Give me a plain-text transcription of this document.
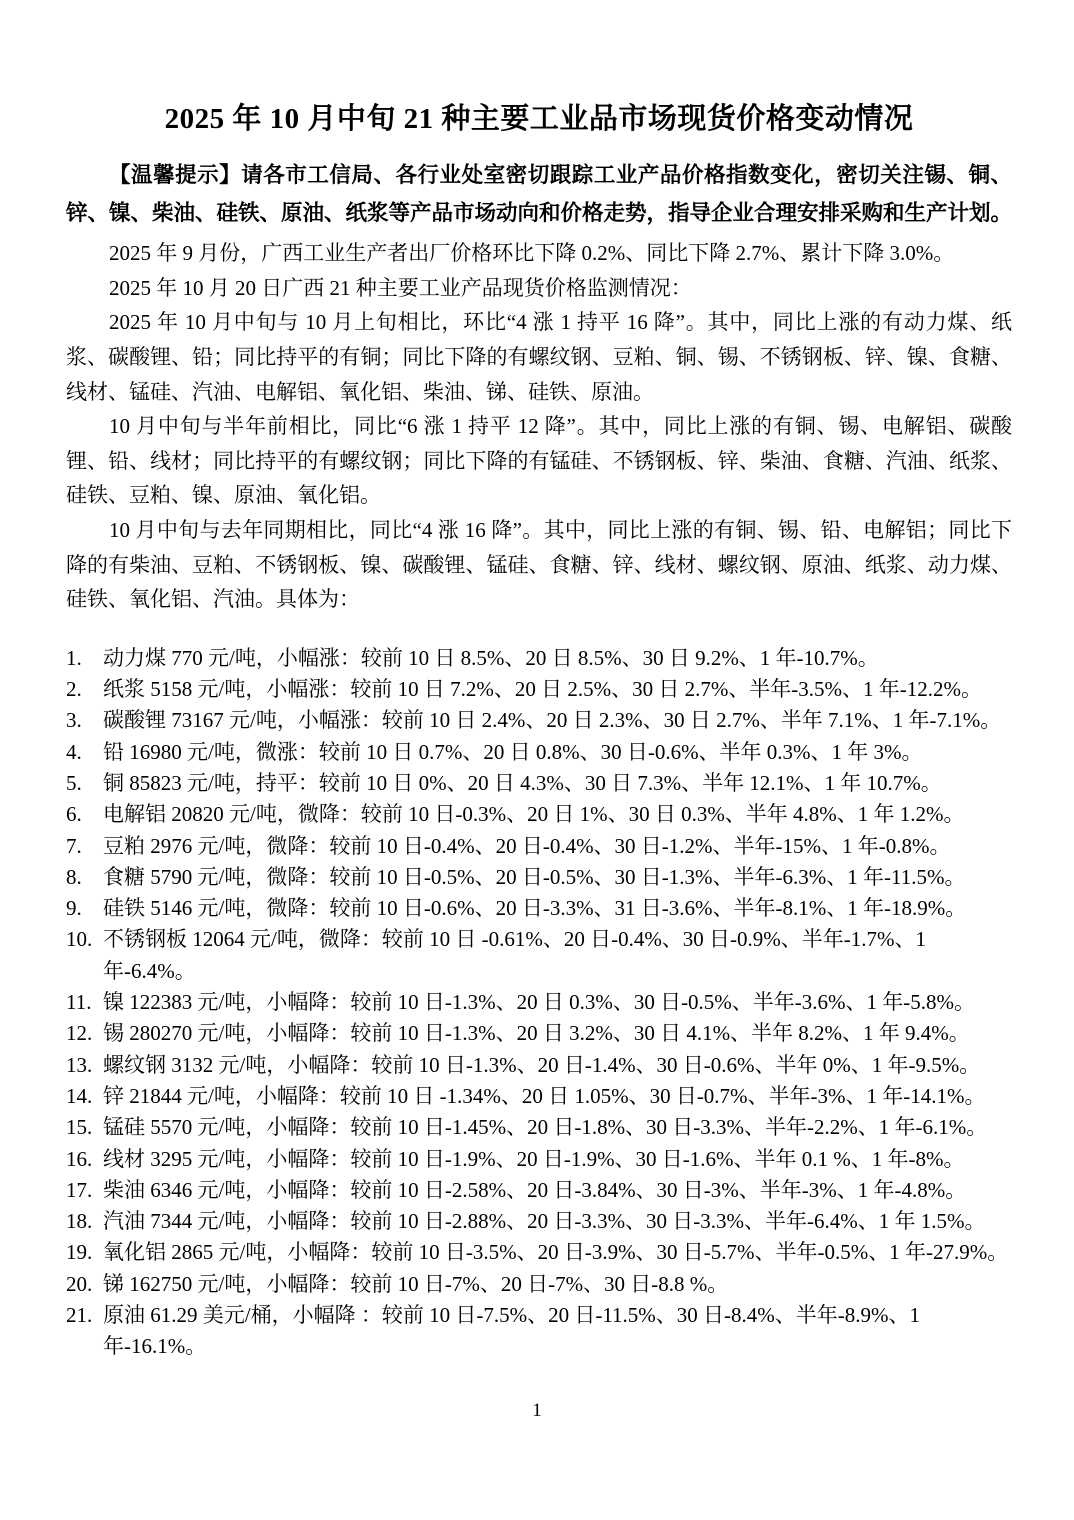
2025 年 10 月中旬 21 种主要工业品市场现货价格变动情况

【温馨提示】请各市工信局、各行业处室密切跟踪工业产品价格指数变化，密切关注锡、铜、锌、镍、柴油、硅铁、原油、纸浆等产品市场动向和价格走势，指导企业合理安排采购和生产计划。

2025 年 9 月份，广西工业生产者出厂价格环比下降 0.2%、同比下降 2.7%、累计下降 3.0%。

2025 年 10 月 20 日广西 21 种主要工业产品现货价格监测情况：

2025 年 10 月中旬与 10 月上旬相比，环比“4 涨 1 持平 16 降”。其中，同比上涨的有动力煤、纸浆、碳酸锂、铅；同比持平的有铜；同比下降的有螺纹钢、豆粕、铜、锡、不锈钢板、锌、镍、食糖、线材、锰硅、汽油、电解铝、氧化铝、柴油、锑、硅铁、原油。

10 月中旬与半年前相比，同比“6 涨 1 持平 12 降”。其中，同比上涨的有铜、锡、电解铝、碳酸锂、铅、线材；同比持平的有螺纹钢；同比下降的有锰硅、不锈钢板、锌、柴油、食糖、汽油、纸浆、硅铁、豆粕、镍、原油、氧化铝。

10 月中旬与去年同期相比，同比“4 涨 16 降”。其中，同比上涨的有铜、锡、铅、电解铝；同比下降的有柴油、豆粕、不锈钢板、镍、碳酸锂、锰硅、食糖、锌、线材、螺纹钢、原油、纸浆、动力煤、硅铁、氧化铝、汽油。具体为：

1.	动力煤 770 元/吨，小幅涨：较前 10 日 8.5%、20 日 8.5%、30 日 9.2%、1 年-10.7%。
2.	纸浆 5158 元/吨，小幅涨：较前 10 日 7.2%、20 日 2.5%、30 日 2.7%、半年-3.5%、1 年-12.2%。
3.	碳酸锂 73167 元/吨，小幅涨：较前 10 日 2.4%、20 日 2.3%、30 日 2.7%、半年 7.1%、1 年-7.1%。
4.	铅 16980 元/吨，微涨：较前 10 日 0.7%、20 日 0.8%、30 日-0.6%、半年 0.3%、1 年 3%。
5.	铜 85823 元/吨，持平：较前 10 日 0%、20 日 4.3%、30 日 7.3%、半年 12.1%、1 年 10.7%。
6.	电解铝 20820 元/吨，微降：较前 10 日-0.3%、20 日 1%、30 日 0.3%、半年 4.8%、1 年 1.2%。
7.	豆粕 2976 元/吨，微降：较前 10 日-0.4%、20 日-0.4%、30 日-1.2%、半年-15%、1 年-0.8%。
8.	食糖 5790 元/吨，微降：较前 10 日-0.5%、20 日-0.5%、30 日-1.3%、半年-6.3%、1 年-11.5%。
9.	硅铁 5146 元/吨，微降：较前 10 日-0.6%、20 日-3.3%、31 日-3.6%、半年-8.1%、1 年-18.9%。
10. 不锈钢板 12064 元/吨，微降：较前 10 日 -0.61%、20 日-0.4%、30 日-0.9%、半年-1.7%、1 年-6.4%。
11. 镍 122383 元/吨，小幅降：较前 10 日-1.3%、20 日 0.3%、30 日-0.5%、半年-3.6%、1 年-5.8%。
12. 锡 280270 元/吨，小幅降：较前 10 日-1.3%、20 日 3.2%、30 日 4.1%、半年 8.2%、1 年 9.4%。
13. 螺纹钢 3132 元/吨，小幅降：较前 10 日-1.3%、20 日-1.4%、30 日-0.6%、半年 0%、1 年-9.5%。
14. 锌 21844 元/吨，小幅降：较前 10 日 -1.34%、20 日 1.05%、30 日-0.7%、半年-3%、1 年-14.1%。
15. 锰硅 5570 元/吨，小幅降：较前 10 日-1.45%、20 日-1.8%、30 日-3.3%、半年-2.2%、1 年-6.1%。
16. 线材 3295 元/吨，小幅降：较前 10 日-1.9%、20 日-1.9%、30 日-1.6%、半年 0.1 %、1 年-8%。
17. 柴油 6346 元/吨，小幅降：较前 10 日-2.58%、20 日-3.84%、30 日-3%、半年-3%、1 年-4.8%。
18. 汽油 7344 元/吨，小幅降：较前 10 日-2.88%、20 日-3.3%、30 日-3.3%、半年-6.4%、1 年 1.5%。
19. 氧化铝 2865 元/吨，小幅降：较前 10 日-3.5%、20 日-3.9%、30 日-5.7%、半年-0.5%、1 年-27.9%。
20. 锑 162750 元/吨，小幅降：较前 10 日-7%、20 日-7%、30 日-8.8 %。
21. 原油 61.29 美元/桶，小幅降 ：较前 10 日-7.5%、20 日-11.5%、30 日-8.4%、半年-8.9%、1 年-16.1%。
1
